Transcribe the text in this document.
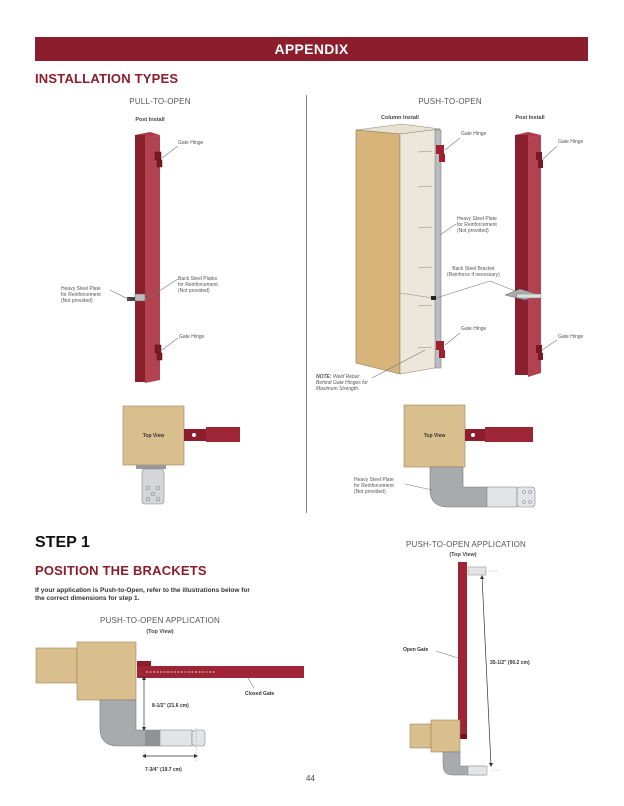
APPENDIX
INSTALLATION TYPES
PULL-TO-OPEN
Post Install
Gate Hinge
Back Steel Plates
for Reinforcement
(Not provided)
Heavy Steel Plate
for Reinforcement
(Not provided)
Gate Hinge
Top View
PUSH-TO-OPEN
Column Install	Post Install
Gate Hinge
Heavy Steel Plate
for Reinforcement
(Not provided)
Back Steel Bracket
(Reinforce if necessary)
Gate Hinge
Gate Hinge
Gate Hinge
NOTE: Weld Rebar
Behind Gate Hinges for
Maximum Strength.
Top View
Heavy Steel Plate
for Reinforcement
(Not provided)
STEP 1
POSITION THE BRACKETS
If your application is Push-to-Open, refer to the illustrations below for
the correct dimensions for step 1.
PUSH-TO-OPEN APPLICATION
(Top View)
Closed Gate
8-1/2" (21.6 cm)
7-3/4" (19.7 cm)
PUSH-TO-OPEN APPLICATION
(Top View)
Open Gate
35-1/2" (90.2 cm)
44
